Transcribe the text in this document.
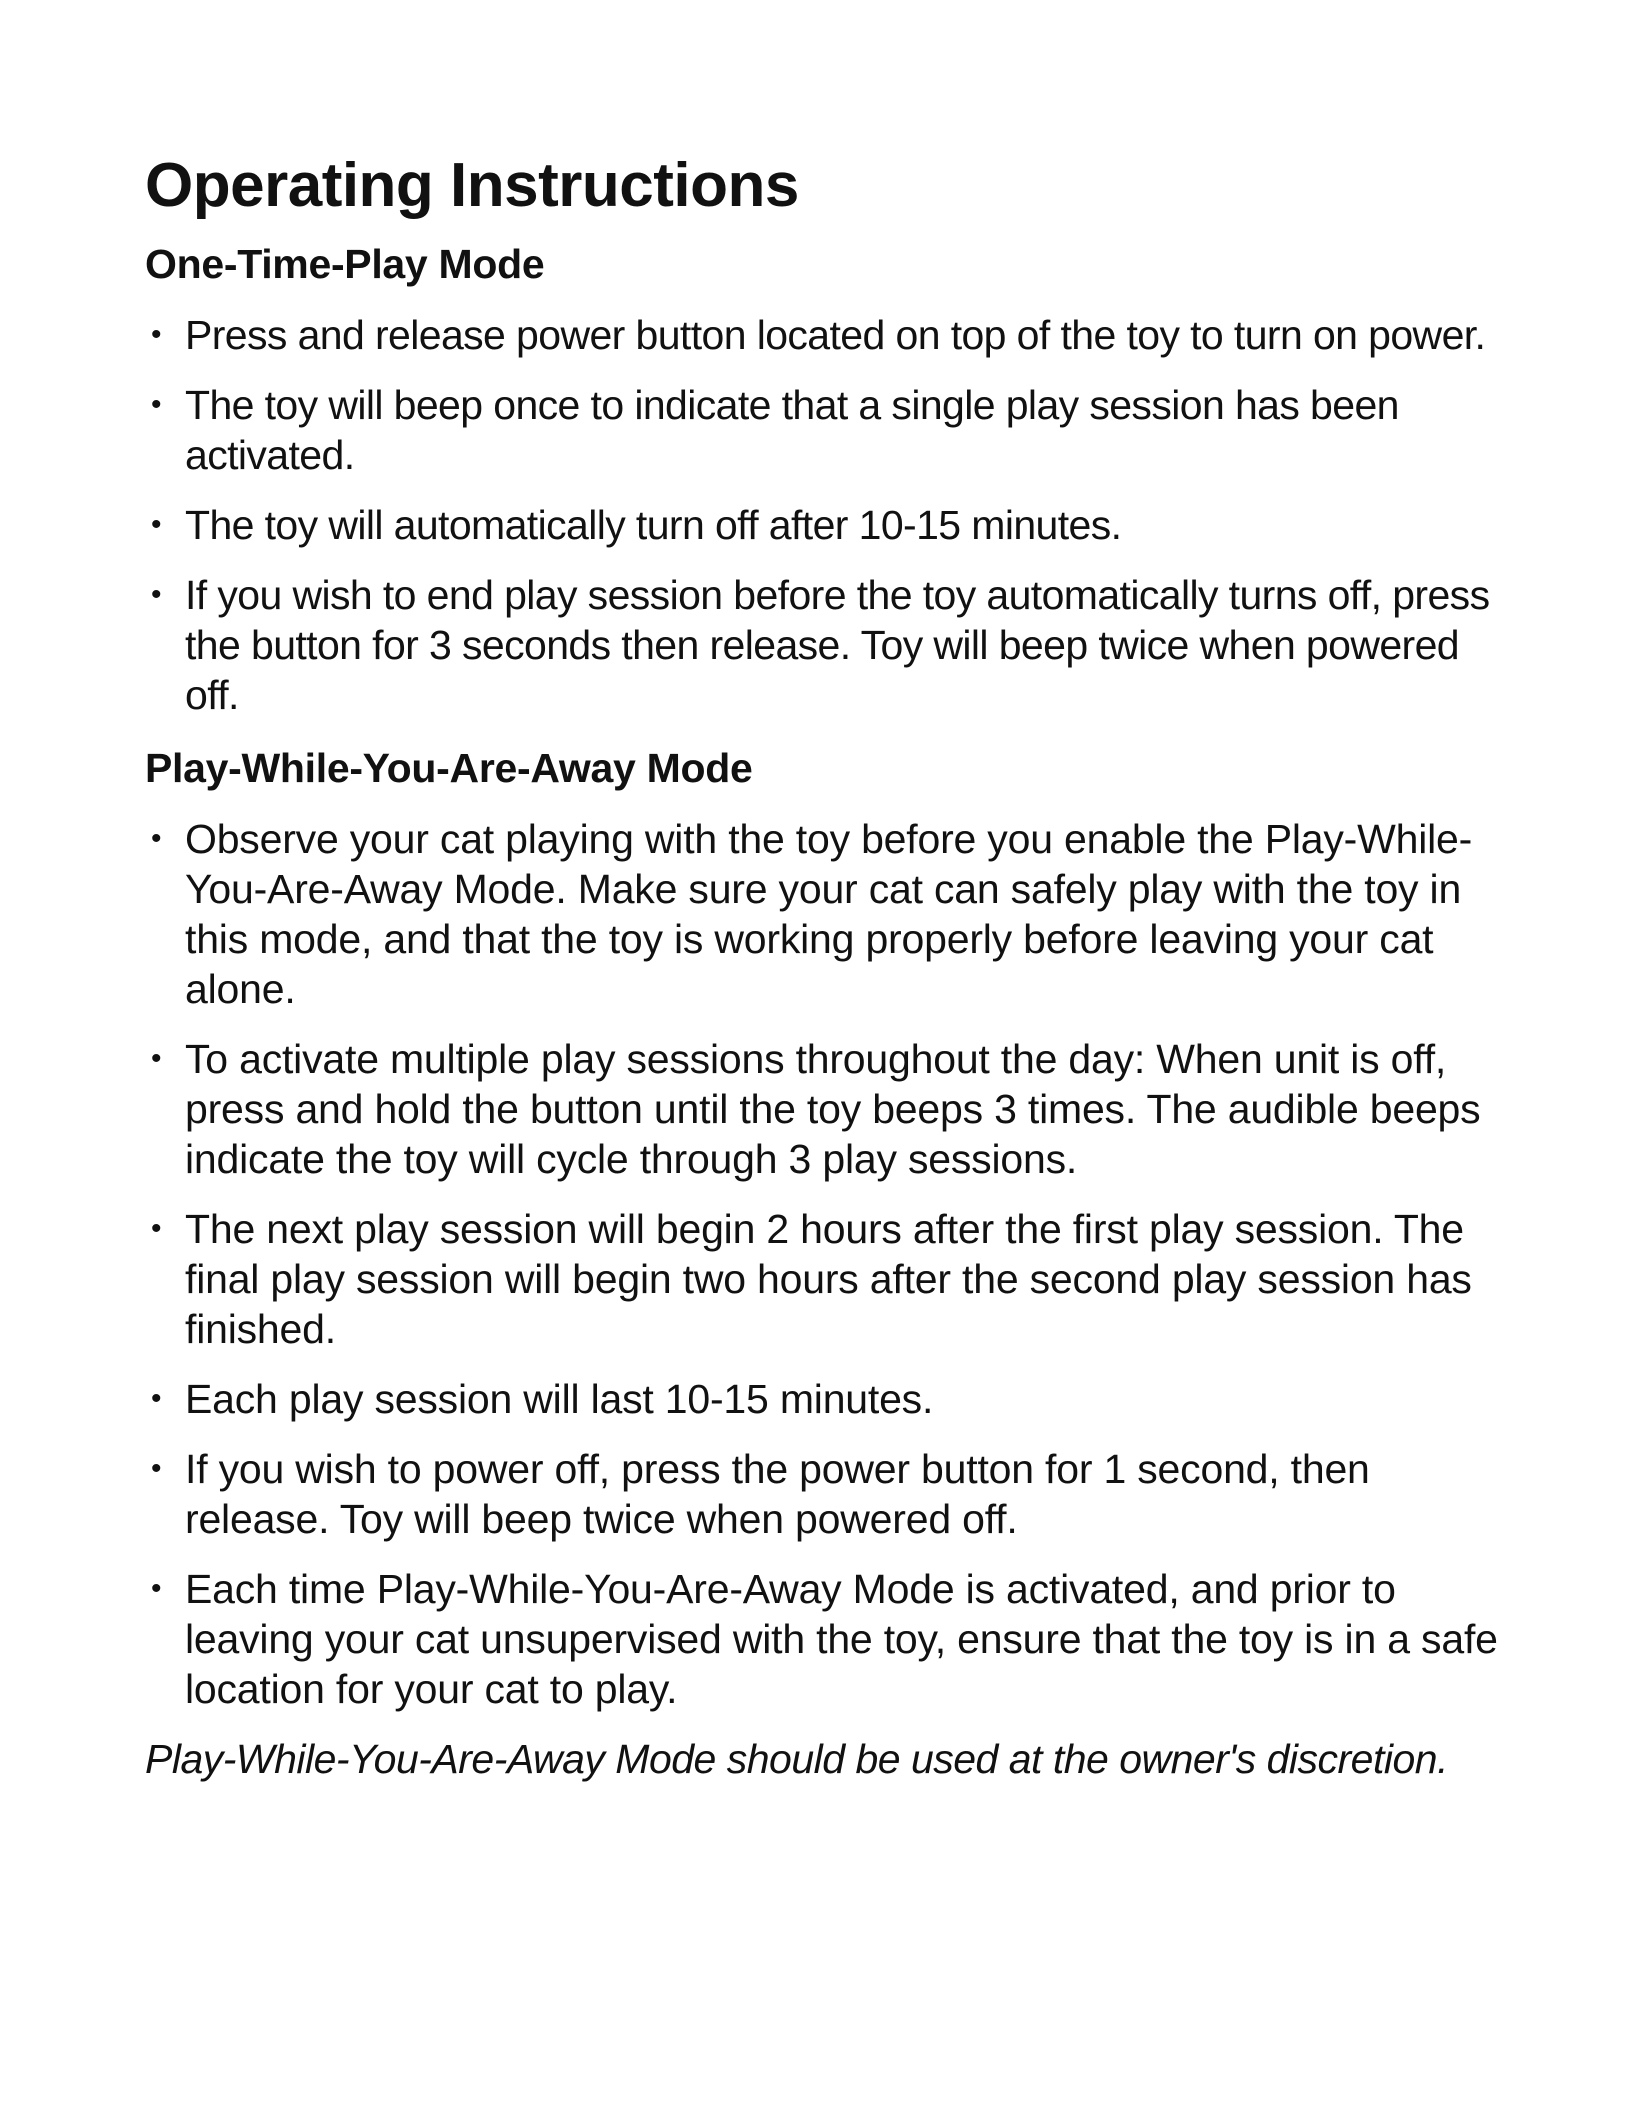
Operating Instructions
One-Time-Play Mode
• Press and release power button located on top of the toy to turn on power.
• The toy will beep once to indicate that a single play session has been activated.
• The toy will automatically turn off after 10-15 minutes.
• If you wish to end play session before the toy automatically turns off, press the button for 3 seconds then release. Toy will beep twice when powered off.
Play-While-You-Are-Away Mode
• Observe your cat playing with the toy before you enable the Play-While-You-Are-Away Mode. Make sure your cat can safely play with the toy in this mode, and that the toy is working properly before leaving your cat alone.
• To activate multiple play sessions throughout the day: When unit is off, press and hold the button until the toy beeps 3 times. The audible beeps indicate the toy will cycle through 3 play sessions.
• The next play session will begin 2 hours after the first play session. The final play session will begin two hours after the second play session has finished.
• Each play session will last 10-15 minutes.
• If you wish to power off, press the power button for 1 second, then release. Toy will beep twice when powered off.
• Each time Play-While-You-Are-Away Mode is activated, and prior to leaving your cat unsupervised with the toy, ensure that the toy is in a safe location for your cat to play.

Play-While-You-Are-Away Mode should be used at the owner's discretion.
